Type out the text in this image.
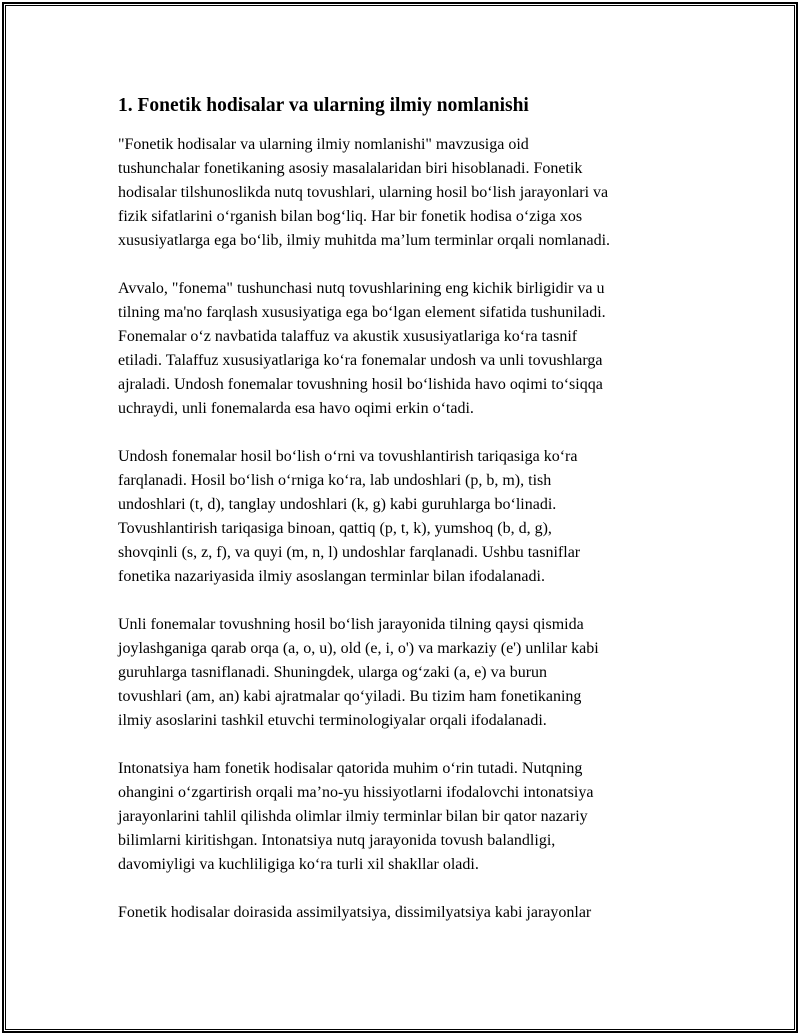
1. Fonetik hodisalar va ularning ilmiy nomlanishi

"Fonetik hodisalar va ularning ilmiy nomlanishi" mavzusiga oid
tushunchalar fonetikaning asosiy masalalaridan biri hisoblanadi. Fonetik
hodisalar tilshunoslikda nutq tovushlari, ularning hosil boʻlish jarayonlari va
fizik sifatlarini oʻrganish bilan bogʻliq. Har bir fonetik hodisa oʻziga xos
xususiyatlarga ega boʻlib, ilmiy muhitda maʼlum terminlar orqali nomlanadi.

Avvalo, "fonema" tushunchasi nutq tovushlarining eng kichik birligidir va u
tilning ma'no farqlash xususiyatiga ega boʻlgan element sifatida tushuniladi.
Fonemalar oʻz navbatida talaffuz va akustik xususiyatlariga koʻra tasnif
etiladi. Talaffuz xususiyatlariga koʻra fonemalar undosh va unli tovushlarga
ajraladi. Undosh fonemalar tovushning hosil boʻlishida havo oqimi toʻsiqqa
uchraydi, unli fonemalarda esa havo oqimi erkin oʻtadi.

Undosh fonemalar hosil boʻlish oʻrni va tovushlantirish tariqasiga koʻra
farqlanadi. Hosil boʻlish oʻrniga koʻra, lab undoshlari (p, b, m), tish
undoshlari (t, d), tanglay undoshlari (k, g) kabi guruhlarga boʻlinadi.
Tovushlantirish tariqasiga binoan, qattiq (p, t, k), yumshoq (b, d, g),
shovqinli (s, z, f), va quyi (m, n, l) undoshlar farqlanadi. Ushbu tasniflar
fonetika nazariyasida ilmiy asoslangan terminlar bilan ifodalanadi.

Unli fonemalar tovushning hosil boʻlish jarayonida tilning qaysi qismida
joylashganiga qarab orqa (a, o, u), old (e, i, o') va markaziy (e') unlilar kabi
guruhlarga tasniflanadi. Shuningdek, ularga ogʻzaki (a, e) va burun
tovushlari (am, an) kabi ajratmalar qoʻyiladi. Bu tizim ham fonetikaning
ilmiy asoslarini tashkil etuvchi terminologiyalar orqali ifodalanadi.

Intonatsiya ham fonetik hodisalar qatorida muhim oʻrin tutadi. Nutqning
ohangini oʻzgartirish orqali maʼno-yu hissiyotlarni ifodalovchi intonatsiya
jarayonlarini tahlil qilishda olimlar ilmiy terminlar bilan bir qator nazariy
bilimlarni kiritishgan. Intonatsiya nutq jarayonida tovush balandligi,
davomiyligi va kuchliligiga koʻra turli xil shakllar oladi.

Fonetik hodisalar doirasida assimilyatsiya, dissimilyatsiya kabi jarayonlar
